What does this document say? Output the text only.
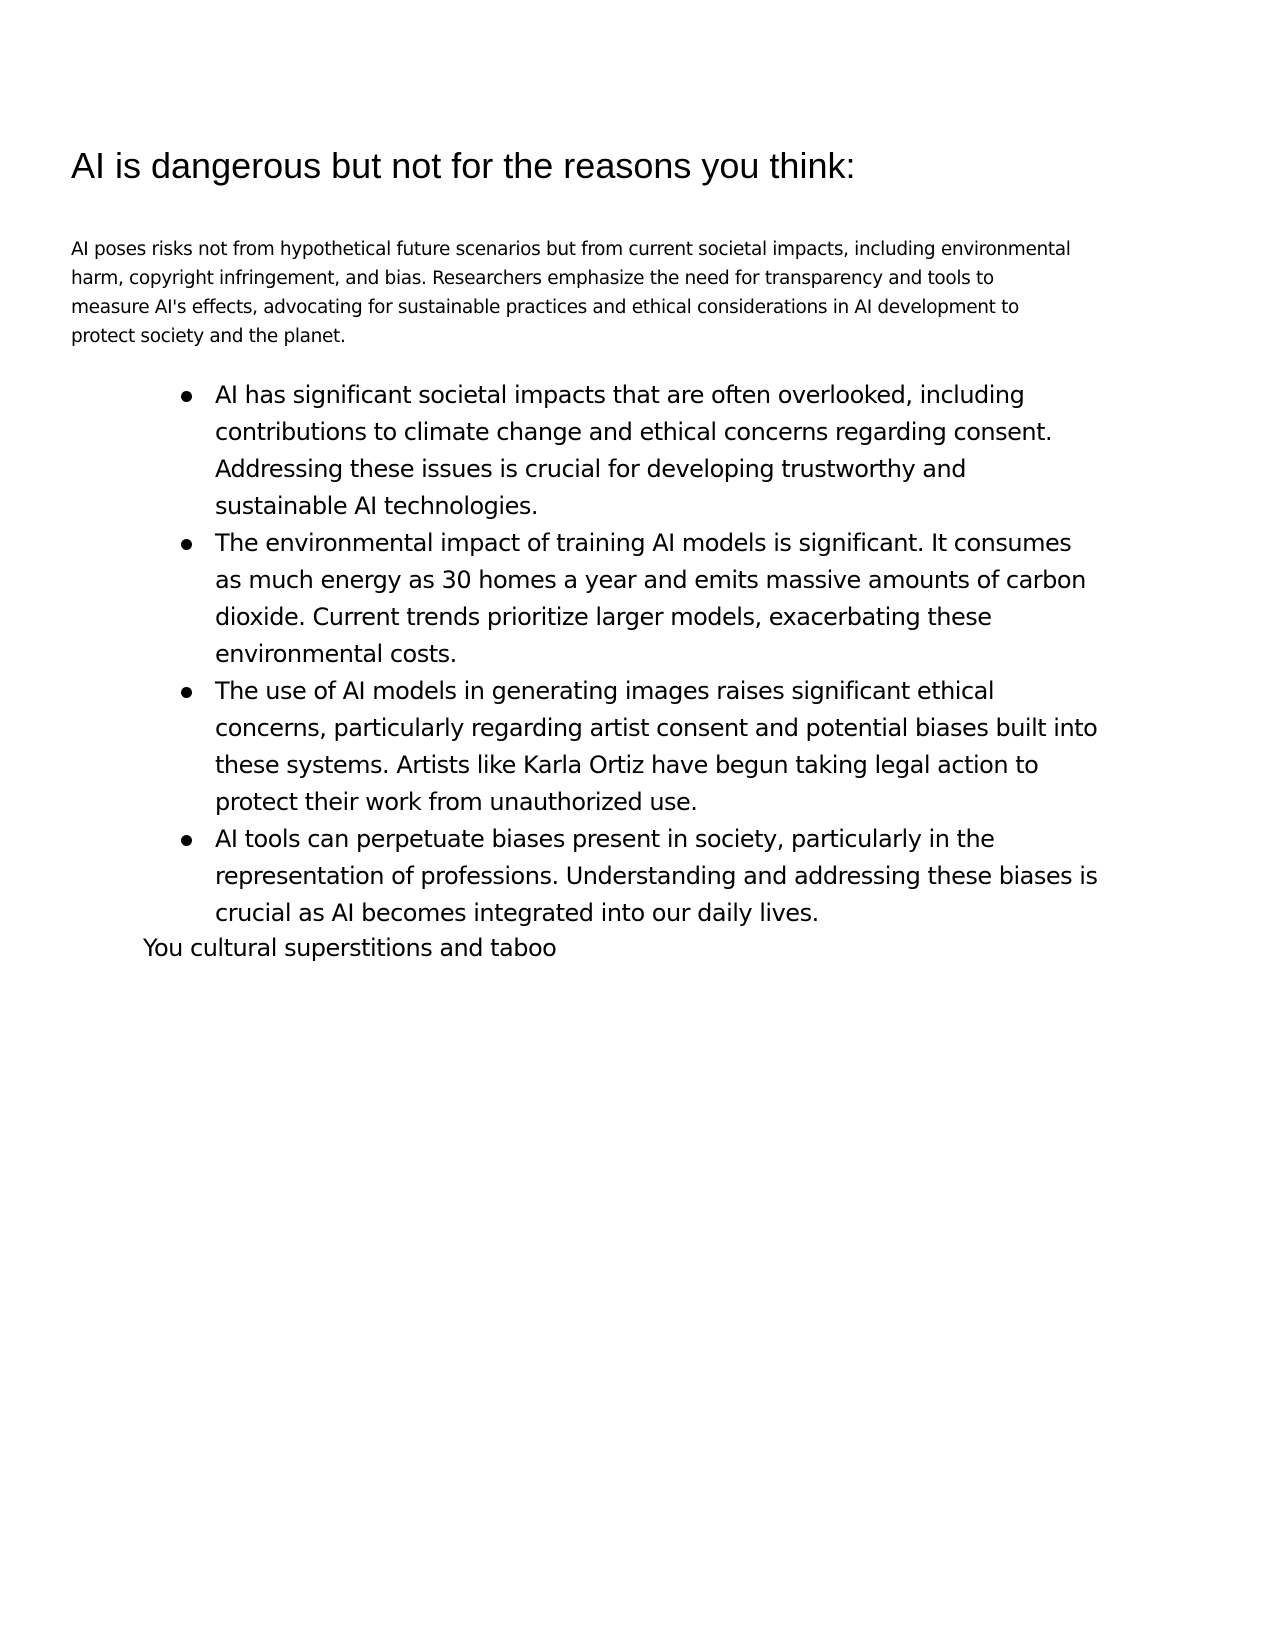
AI is dangerous but not for the reasons you think:

AI poses risks not from hypothetical future scenarios but from current societal impacts, including environmental harm, copyright infringement, and bias. Researchers emphasize the need for transparency and tools to measure AI's effects, advocating for sustainable practices and ethical considerations in AI development to protect society and the planet.

AI has significant societal impacts that are often overlooked, including contributions to climate change and ethical concerns regarding consent. Addressing these issues is crucial for developing trustworthy and sustainable AI technologies.
The environmental impact of training AI models is significant. It consumes as much energy as 30 homes a year and emits massive amounts of carbon dioxide. Current trends prioritize larger models, exacerbating these environmental costs.
The use of AI models in generating images raises significant ethical concerns, particularly regarding artist consent and potential biases built into these systems. Artists like Karla Ortiz have begun taking legal action to protect their work from unauthorized use.
AI tools can perpetuate biases present in society, particularly in the representation of professions. Understanding and addressing these biases is crucial as AI becomes integrated into our daily lives.

You cultural superstitions and taboo
